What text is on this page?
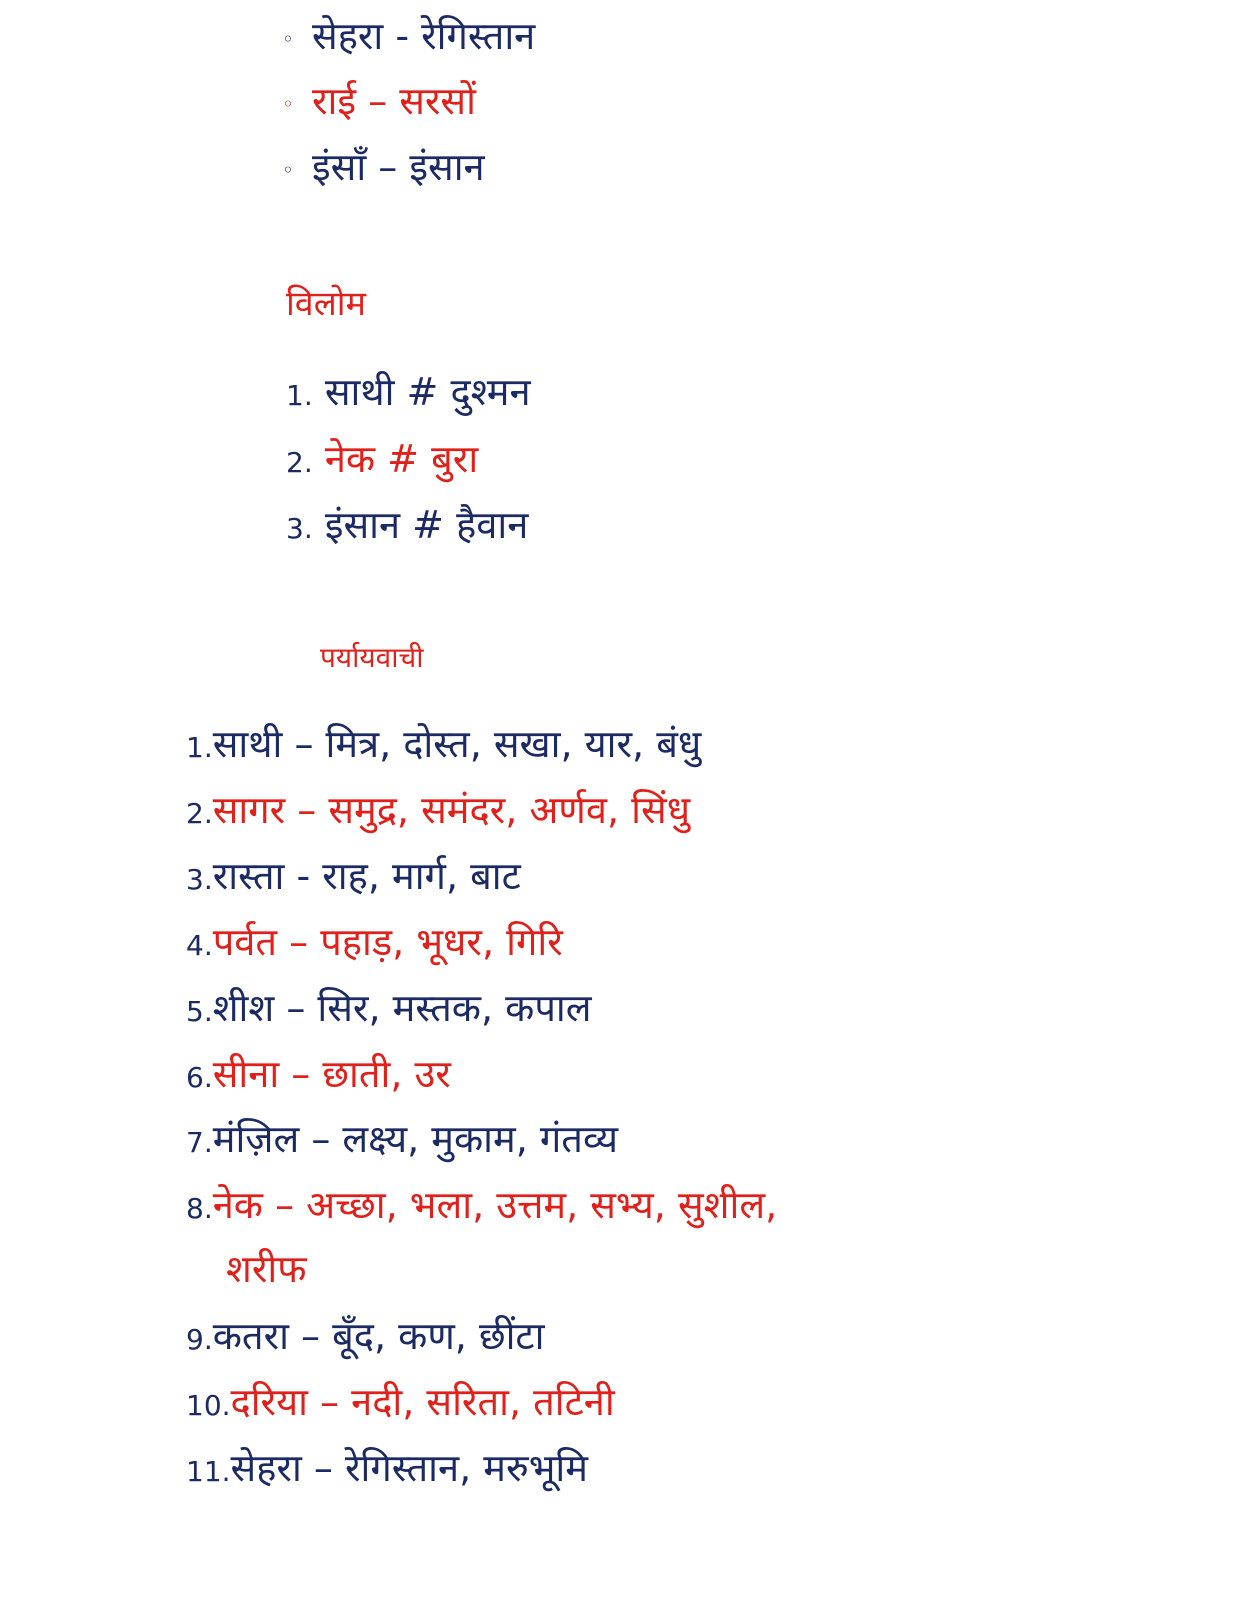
◦ सेहरा - रेगिस्तान
◦ राई – सरसों
◦ इंसाँ – इंसान
विलोम
1. साथी # दुश्मन
2. नेक # बुरा
3. इंसान # हैवान
पर्यायवाची
1.साथी – मित्र, दोस्त, सखा, यार, बंधु
2.सागर – समुद्र, समंदर, अर्णव, सिंधु
3.रास्ता - राह, मार्ग, बाट
4.पर्वत – पहाड़, भूधर, गिरि
5.शीश – सिर, मस्तक, कपाल
6.सीना – छाती, उर
7.मंज़िल – लक्ष्य, मुकाम, गंतव्य
8.नेक – अच्छा, भला, उत्तम, सभ्य, सुशील,
शरीफ
9.कतरा – बूँद, कण, छींटा
10.दरिया – नदी, सरिता, तटिनी
11.सेहरा – रेगिस्तान, मरुभूमि
